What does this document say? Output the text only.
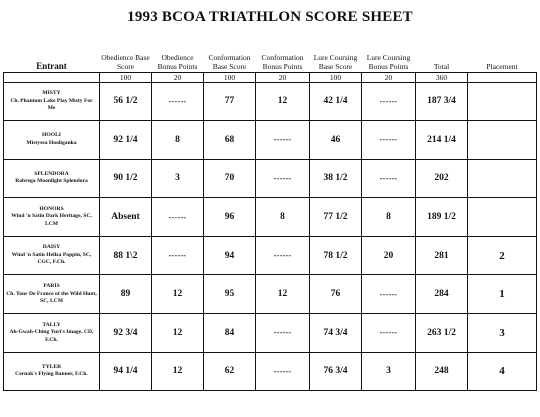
1993 BCOA TRIATHLON SCORE SHEET
Entrant	Obedience Base Score	Obedience Bonus Points	Conformation Base Score	Conformation Bonus Points	Lure Coursing Base Score	Lure Coursing Bonus Points	Total	Placement
	100	20	100	20	100	20	360	

MISTY
Ch. Phantom Lake Play Misty For Me	56 1/2	------	77	12	42 1/4	------	187 3/4	

HOOLI
Mistysea Hooliganka	92 1/4	8	68	------	46	------	214 1/4	

SPLENDORA
Rabrega Moonlight Splendora	90 1/2	3	70	------	38 1/2	------	202	

HONORS
Wind 'n Satin Dark Heritage, SC, LCM	Absent	------	96	8	77 1/2	8	189 1/2	

DAISY
Wind 'n Satin Hellza Poppin, SC, CGC, F.Ch.	88 1\2	------	94	------	78 1/2	20	281	2

PARIS
Ch. Tour De France of the Wild Hunt, SC, LCM	89	12	95	12	76	------	284	1

TALLY
Ah-Gwah-Ching Yuri's Image, CD, F.Ch.	92 3/4	12	84	------	74 3/4	------	263 1/2	3

TYLER
Cernak's Flying Banner, F.Ch.	94 1/4	12	62	------	76 3/4	3	248	4
